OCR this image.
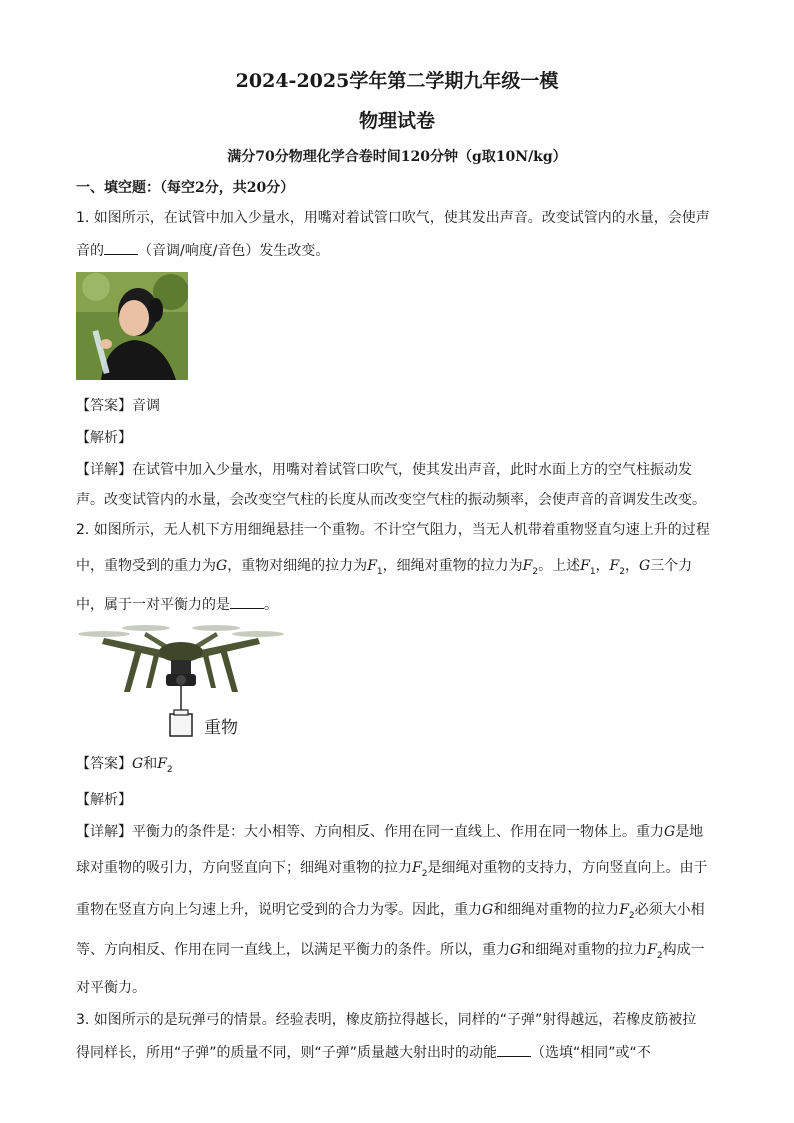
2024-2025学年第二学期九年级一模
物理试卷
满分70分物理化学合卷时间120分钟（g取10N/kg）
一、填空题：（每空2分，共20分）
1. 如图所示，在试管中加入少量水，用嘴对着试管口吹气，使其发出声音。改变试管内的水量，会使声
音的 （音调/响度/音色）发生改变。
【答案】音调
【解析】
【详解】在试管中加入少量水，用嘴对着试管口吹气，使其发出声音，此时水面上方的空气柱振动发
声。改变试管内的水量，会改变空气柱的长度从而改变空气柱的振动频率，会使声音的音调发生改变。
2. 如图所示，无人机下方用细绳悬挂一个重物。不计空气阻力，当无人机带着重物竖直匀速上升的过程
中，重物受到的重力为G，重物对细绳的拉力为$F_1$，细绳对重物的拉力为$F_2$。上述$F_1$，$F_2$，G三个力
中，属于一对平衡力的是 。
重物
【答案】G和$F_2$
【解析】
【详解】平衡力的条件是：大小相等、方向相反、作用在同一直线上、作用在同一物体上。重力G是地
球对重物的吸引力，方向竖直向下；细绳对重物的拉力$F_2$是细绳对重物的支持力，方向竖直向上。由于
重物在竖直方向上匀速上升，说明它受到的合力为零。因此，重力G和细绳对重物的拉力$F_2$必须大小相
等、方向相反、作用在同一直线上，以满足平衡力的条件。所以，重力G和细绳对重物的拉力$F_2$构成一
对平衡力。
3. 如图所示的是玩弹弓的情景。经验表明，橡皮筋拉得越长，同样的“子弹”射得越远，若橡皮筋被拉
得同样长，所用“子弹”的质量不同，则“子弹”质量越大射出时的动能 （选填“相同”或“不
